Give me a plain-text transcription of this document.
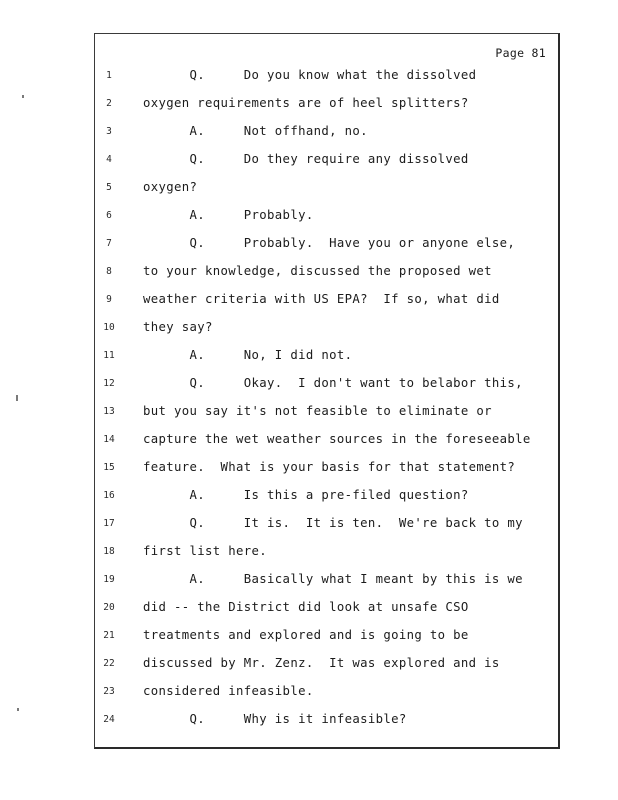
Page 81
1	Q.     Do you know what the dissolved
2	oxygen requirements are of heel splitters?
3	A.     Not offhand, no.
4	Q.     Do they require any dissolved
5	oxygen?
6	A.     Probably.
7	Q.     Probably.  Have you or anyone else,
8	to your knowledge, discussed the proposed wet
9	weather criteria with US EPA?  If so, what did
10	they say?
11	A.     No, I did not.
12	Q.     Okay.  I don't want to belabor this,
13	but you say it's not feasible to eliminate or
14	capture the wet weather sources in the foreseeable
15	feature.  What is your basis for that statement?
16	A.     Is this a pre-filed question?
17	Q.     It is.  It is ten.  We're back to my
18	first list here.
19	A.     Basically what I meant by this is we
20	did -- the District did look at unsafe CSO
21	treatments and explored and is going to be
22	discussed by Mr. Zenz.  It was explored and is
23	considered infeasible.
24	Q.     Why is it infeasible?
